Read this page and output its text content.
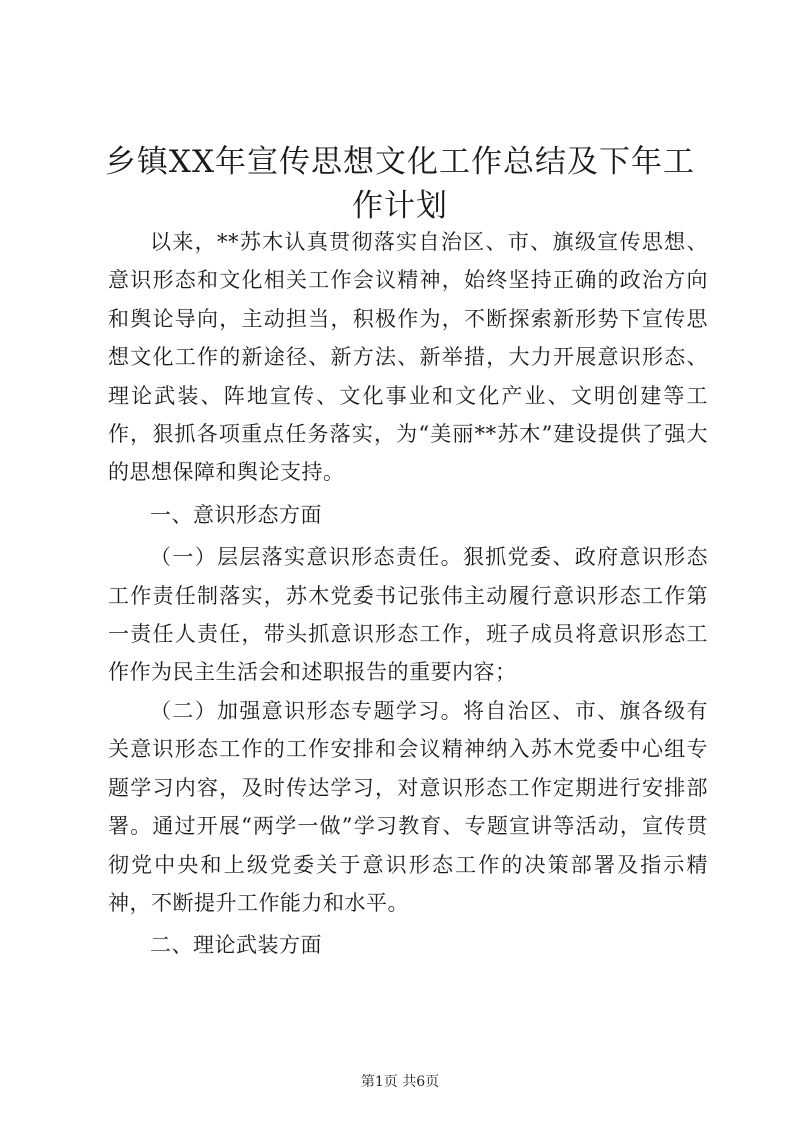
乡镇XX年宣传思想文化工作总结及下年工作计划

以来，**苏木认真贯彻落实自治区、市、旗级宣传思想、意识形态和文化相关工作会议精神，始终坚持正确的政治方向和舆论导向，主动担当，积极作为，不断探索新形势下宣传思想文化工作的新途径、新方法、新举措，大力开展意识形态、理论武装、阵地宣传、文化事业和文化产业、文明创建等工作，狠抓各项重点任务落实，为“美丽**苏木”建设提供了强大的思想保障和舆论支持。

一、意识形态方面

（一）层层落实意识形态责任。狠抓党委、政府意识形态工作责任制落实，苏木党委书记张伟主动履行意识形态工作第一责任人责任，带头抓意识形态工作，班子成员将意识形态工作作为民主生活会和述职报告的重要内容；

（二）加强意识形态专题学习。将自治区、市、旗各级有关意识形态工作的工作安排和会议精神纳入苏木党委中心组专题学习内容，及时传达学习，对意识形态工作定期进行安排部署。通过开展“两学一做”学习教育、专题宣讲等活动，宣传贯彻党中央和上级党委关于意识形态工作的决策部署及指示精神，不断提升工作能力和水平。

二、理论武装方面

第1页 共6页
